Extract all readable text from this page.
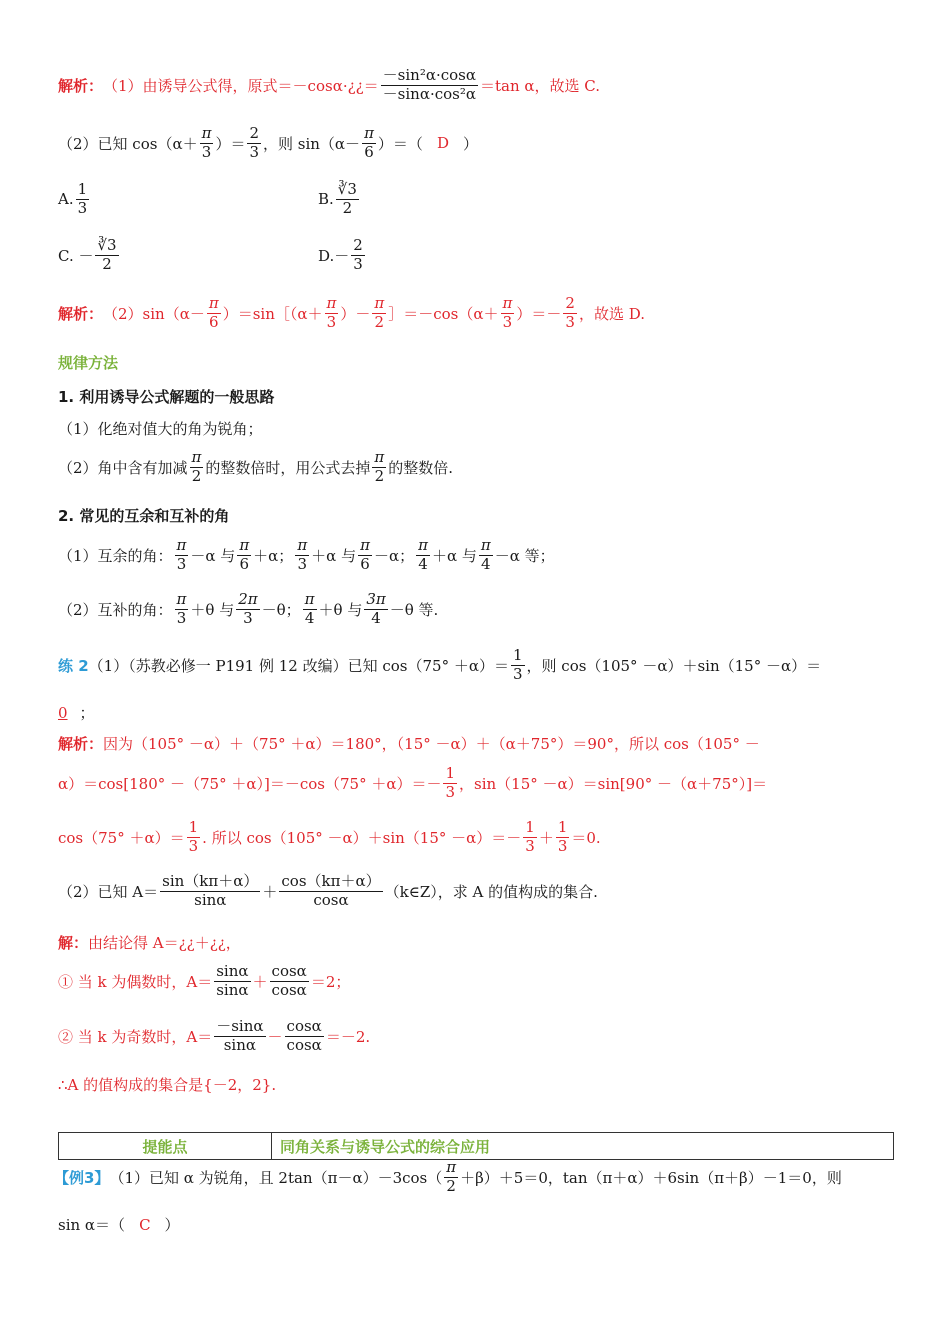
解析： （1）由诱导公式得，原式＝－cosα·¿¿＝ $\frac{\text{－sin²α·cosα}}{\text{－sinα·cos²α}} =\tan$ α，故选 C.
（2）已知 $\cos(\alpha+ \frac{\pi}{3}$ ）＝ $\frac{2}{3}$ ，则 $\sin(\alpha- \frac{\pi}{6}$ ）＝（ D ）
A. $\frac{1}{3}$	B. $\frac{∛3}{2}$
C. － $\frac{∛3}{2}$	$D.- \frac{2}{3}$
解析： $(2)\sin(\alpha- \frac{\pi}{6}$ ）＝sin［（α＋ $\frac{\pi}{3}$ ）－ $\frac{\pi}{2}$ ］＝－cos（α＋ $\frac{\pi}{3}$ ）＝－ $\frac{2}{3}$ ，故选 D.
规律方法
1. 利用诱导公式解题的一般思路
（1）化绝对值大的角为锐角；
（2）角中含有加减 $\frac{\pi}{2}$ 的整数倍时，用公式去掉 $\frac{\pi}{2}$ 的整数倍.
2. 常见的互余和互补的角
（1）互余的角： $\frac{\pi}{3} -\alpha$ 与 $\frac{\pi}{6} +\alpha$； $\frac{\pi}{3} +\alpha$ 与 $\frac{\pi}{6} -\alpha$； $\frac{\pi}{4} +\alpha$ 与 $\frac{\pi}{4} -\alpha$ 等；
（2）互补的角： $\frac{\pi}{3} +\theta$ 与 $\frac{2\pi}{3} -\theta$； $\frac{\pi}{4} +\theta$ 与 $\frac{3\pi}{4} -\theta$ 等.
练 2 （1）（苏教必修一 P191 例 12 改编）已知 $\cos(75^\circ +\alpha)= \frac{1}{3}$ ，则 cos（105° －α）＋sin（15° －α）＝
0 ；
解析： 因为（105° －α）＋（75° ＋α）＝180°，（15° －α）＋（α＋75°）＝90°，所以 cos（105° －
$\alpha)=\cos[180^\circ -(75^\circ +\alpha)]=-\cos(75^\circ +\alpha)=- \frac{1}{3}$ ，sin（15° －α）＝sin[90° －（α＋75°）]＝
$\cos(75^\circ +\alpha)= \frac{1}{3}$ . 所以 $\cos(105^\circ -\alpha)+\sin(15^\circ -\alpha)=- \frac{1}{3} + \frac{1}{3} =0$.
（2）已知 $A= \frac{\sin(k\pi+\alpha)}{\sin\alpha} + \frac{\cos(k\pi+\alpha)}{\cos\alpha}$ （k∈Z），求 A 的值构成的集合.
解： 由结论得 A＝¿¿＋¿¿，
① 当 k 为偶数时，$A= \frac{\sin\alpha}{\sin\alpha} + \frac{\cos\alpha}{\cos\alpha} =2$；
② 当 k 为奇数时，$A= \frac{-\sin\alpha}{\sin\alpha} - \frac{\cos\alpha}{\cos\alpha} =-2$.
∴A 的值构成的集合是{－2，2}.
提能点	同角关系与诱导公式的综合应用
【例3】 （1）已知 α 为锐角，且 $2\tan(\pi-\alpha)-3\cos( \frac{\pi}{2} +\beta)+5=0$，tan（π＋α）＋6sin（π＋β）－1＝0，则
sin α＝（ C ）
